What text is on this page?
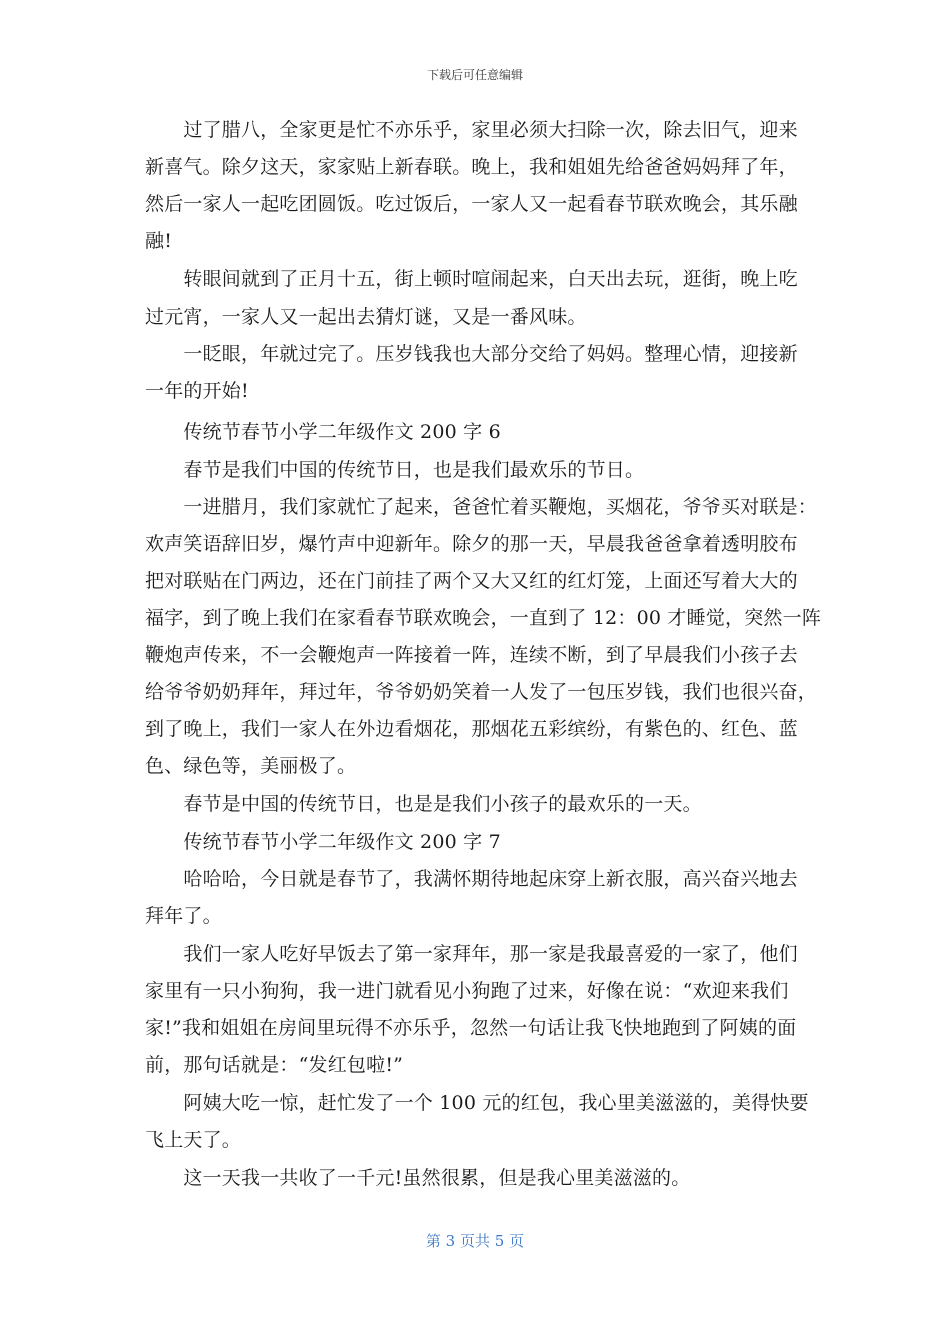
下载后可任意编辑
　　过了腊八，全家更是忙不亦乐乎，家里必须大扫除一次，除去旧气，迎来
新喜气。除夕这天，家家贴上新春联。晚上，我和姐姐先给爸爸妈妈拜了年，
然后一家人一起吃团圆饭。吃过饭后，一家人又一起看春节联欢晚会，其乐融
融!
　　转眼间就到了正月十五，街上顿时喧闹起来，白天出去玩，逛街，晚上吃
过元宵，一家人又一起出去猜灯谜，又是一番风味。
　　一眨眼，年就过完了。压岁钱我也大部分交给了妈妈。整理心情，迎接新
一年的开始!
　　传统节春节小学二年级作文 200 字 6
　　春节是我们中国的传统节日，也是我们最欢乐的节日。
　　一进腊月，我们家就忙了起来，爸爸忙着买鞭炮，买烟花，爷爷买对联是：
欢声笑语辞旧岁，爆竹声中迎新年。除夕的那一天，早晨我爸爸拿着透明胶布
把对联贴在门两边，还在门前挂了两个又大又红的红灯笼，上面还写着大大的
福字，到了晚上我们在家看春节联欢晚会，一直到了 12：00 才睡觉，突然一阵
鞭炮声传来，不一会鞭炮声一阵接着一阵，连续不断，到了早晨我们小孩子去
给爷爷奶奶拜年，拜过年，爷爷奶奶笑着一人发了一包压岁钱，我们也很兴奋，
到了晚上，我们一家人在外边看烟花，那烟花五彩缤纷，有紫色的、红色、蓝
色、绿色等，美丽极了。
　　春节是中国的传统节日，也是是我们小孩子的最欢乐的一天。
　　传统节春节小学二年级作文 200 字 7
　　哈哈哈，今日就是春节了，我满怀期待地起床穿上新衣服，高兴奋兴地去
拜年了。
　　我们一家人吃好早饭去了第一家拜年，那一家是我最喜爱的一家了，他们
家里有一只小狗狗，我一进门就看见小狗跑了过来，好像在说：“欢迎来我们
家!”我和姐姐在房间里玩得不亦乐乎，忽然一句话让我飞快地跑到了阿姨的面
前，那句话就是：“发红包啦!”
　　阿姨大吃一惊，赶忙发了一个 100 元的红包，我心里美滋滋的，美得快要
飞上天了。
　　这一天我一共收了一千元!虽然很累，但是我心里美滋滋的。
第 3 页共 5 页
